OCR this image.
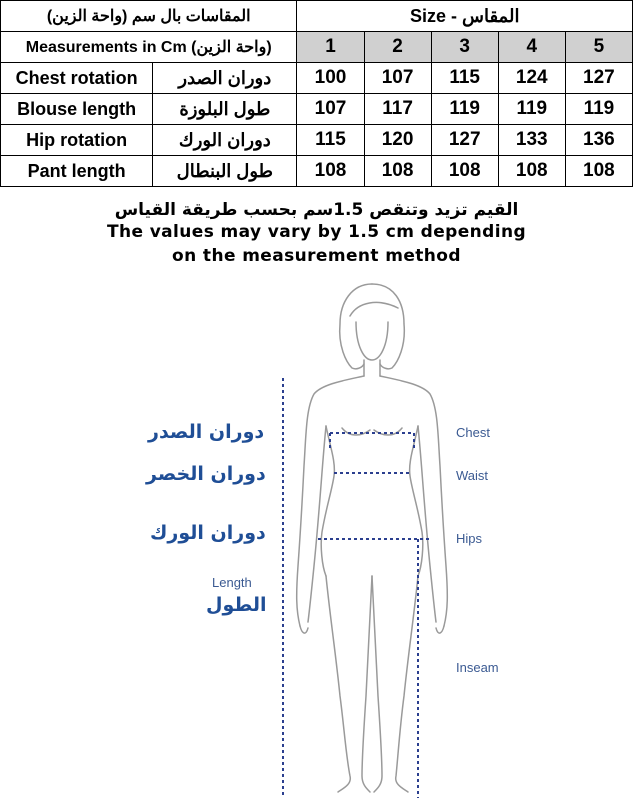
المقاسات بال سم (واحة الزين)		Size - المقاس				
Measurements in Cm (واحة الزين)		1	2	3	4	5
Chest rotation	دوران الصدر	100	107	115	124	127
Blouse length	طول البلوزة	107	117	119	119	119
Hip rotation	دوران الورك	115	120	127	133	136
Pant length	طول البنطال	108	108	108	108	108
القيم تزيد وتنقص 1.5سم بحسب طريقة القياس
The values may vary by 1.5 cm depending
on the measurement method
دوران الصدر
دوران الخصر
دوران الورك
Length
الطول
Chest
Waist
Hips
Inseam
